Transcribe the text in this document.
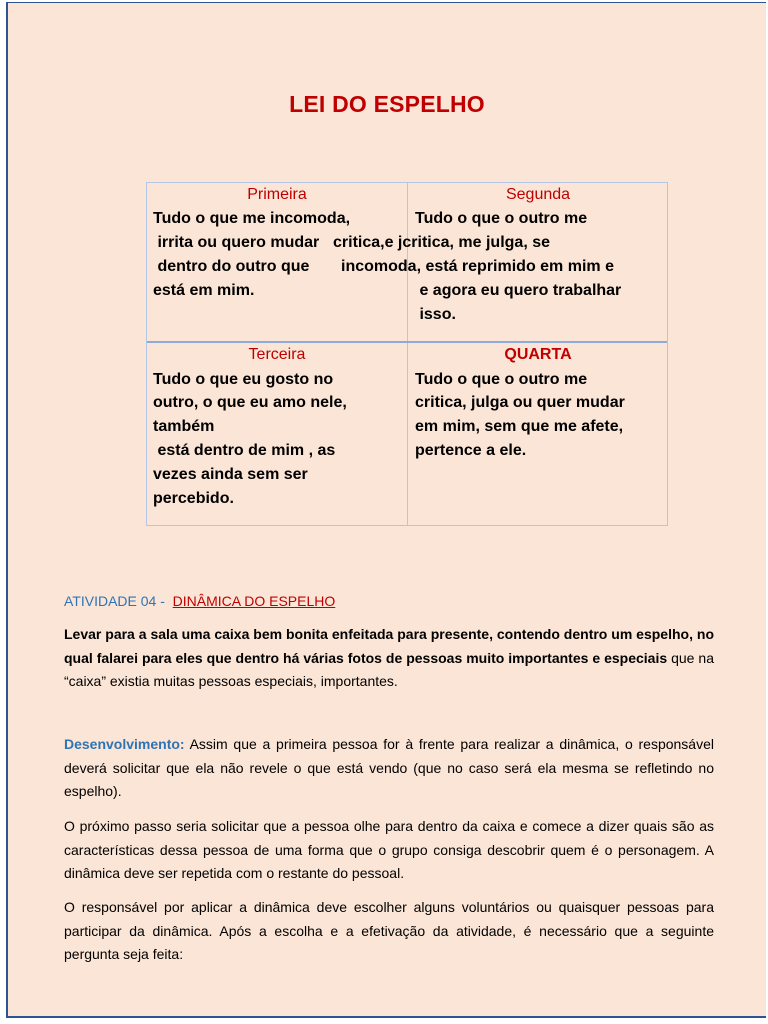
LEI DO ESPELHO
Primeira
Tudo o que me incomoda,
irrita ou quero mudar
dentro do outro que
está em mim.
Segunda
Tudo o que o outro me
critica,e jcritica, me julga, se
incomoda, está reprimido em mim e
e agora eu quero trabalhar
isso.
Terceira
Tudo o que eu gosto no
outro, o que eu amo nele,
também
está dentro de mim , as
vezes ainda sem ser
percebido.
QUARTA
Tudo o que o outro me
critica, julga ou quer mudar
em mim, sem que me afete,
pertence a ele.
ATIVIDADE 04 -  DINÂMICA DO ESPELHO
Levar para a sala uma caixa bem bonita enfeitada para presente, contendo dentro um espelho, no qual falarei para eles que dentro há várias fotos de pessoas muito importantes e especiais que na “caixa” existia muitas pessoas especiais, importantes.
Desenvolvimento: Assim que a primeira pessoa for à frente para realizar a dinâmica, o responsável deverá solicitar que ela não revele o que está vendo (que no caso será ela mesma se refletindo no espelho).
O próximo passo seria solicitar que a pessoa olhe para dentro da caixa e comece a dizer quais são as características dessa pessoa de uma forma que o grupo consiga descobrir quem é o personagem. A dinâmica deve ser repetida com o restante do pessoal.
O responsável por aplicar a dinâmica deve escolher alguns voluntários ou quaisquer pessoas para participar da dinâmica. Após a escolha e a efetivação da atividade, é necessário que a seguinte pergunta seja feita:
